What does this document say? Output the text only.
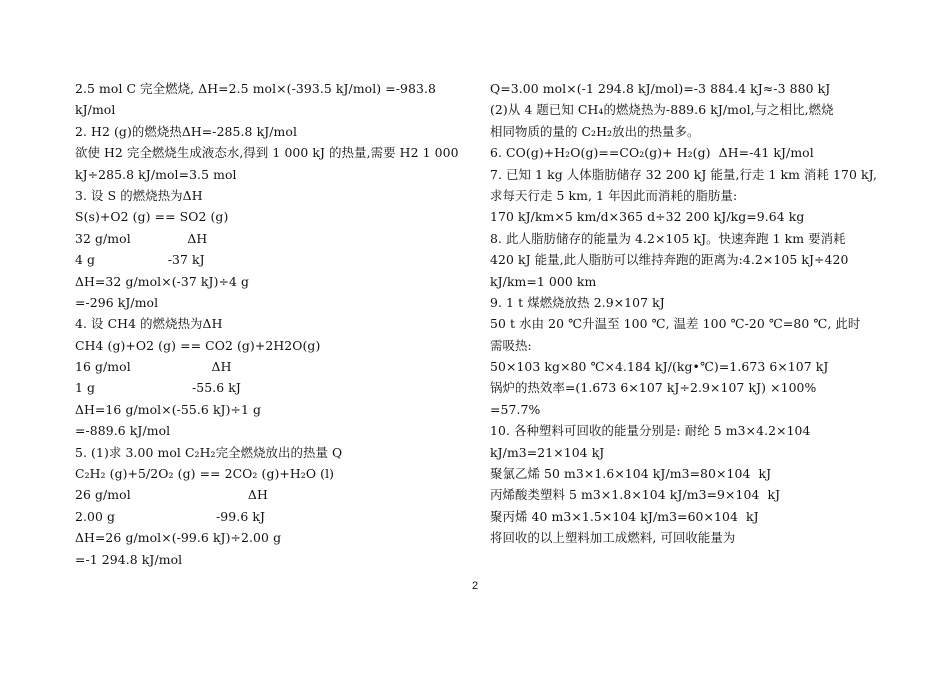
2.5 mol C 完全燃烧, ΔH=2.5 mol×(-393.5 kJ/mol) =-983.8
kJ/mol
2. H2 (g)的燃烧热ΔH=-285.8 kJ/mol
欲使 H2 完全燃烧生成液态水,得到 1 000 kJ 的热量,需要 H2 1 000
kJ÷285.8 kJ/mol=3.5 mol
3. 设 S 的燃烧热为ΔH
S(s)+O2 (g) == SO2 (g)
32 g/mol              ΔH
4 g                  -37 kJ
ΔH=32 g/mol×(-37 kJ)÷4 g
=-296 kJ/mol
4. 设 CH4 的燃烧热为ΔH
CH4 (g)+O2 (g) == CO2 (g)+2H2O(g)
16 g/mol                    ΔH
1 g                        -55.6 kJ
ΔH=16 g/mol×(-55.6 kJ)÷1 g
=-889.6 kJ/mol
5. (1)求 3.00 mol C₂H₂完全燃烧放出的热量 Q
C₂H₂ (g)+5/2O₂ (g) == 2CO₂ (g)+H₂O (l)
26 g/mol                             ΔH
2.00 g                         -99.6 kJ
ΔH=26 g/mol×(-99.6 kJ)÷2.00 g
=-1 294.8 kJ/mol
Q=3.00 mol×(-1 294.8 kJ/mol)=-3 884.4 kJ≈-3 880 kJ
(2)从 4 题已知 CH₄的燃烧热为-889.6 kJ/mol,与之相比,燃烧
相同物质的量的 C₂H₂放出的热量多。
6. CO(g)+H₂O(g)==CO₂(g)+ H₂(g)  ΔH=-41 kJ/mol
7. 已知 1 kg 人体脂肪储存 32 200 kJ 能量,行走 1 km 消耗 170 kJ,
求每天行走 5 km, 1 年因此而消耗的脂肪量:
170 kJ/km×5 km/d×365 d÷32 200 kJ/kg=9.64 kg
8. 此人脂肪储存的能量为 4.2×105 kJ。快速奔跑 1 km 要消耗
420 kJ 能量,此人脂肪可以维持奔跑的距离为:4.2×105 kJ÷420
kJ/km=1 000 km
9. 1 t 煤燃烧放热 2.9×107 kJ
50 t 水由 20 ℃升温至 100 ℃, 温差 100 ℃-20 ℃=80 ℃, 此时
需吸热:
50×103 kg×80 ℃×4.184 kJ/(kg•℃)=1.673 6×107 kJ
锅炉的热效率=(1.673 6×107 kJ÷2.9×107 kJ) ×100%
=57.7%
10. 各种塑料可回收的能量分别是: 耐纶 5 m3×4.2×104
kJ/m3=21×104 kJ
聚氯乙烯 50 m3×1.6×104 kJ/m3=80×104  kJ
丙烯酸类塑料 5 m3×1.8×104 kJ/m3=9×104  kJ
聚丙烯 40 m3×1.5×104 kJ/m3=60×104  kJ
将回收的以上塑料加工成燃料, 可回收能量为
2
